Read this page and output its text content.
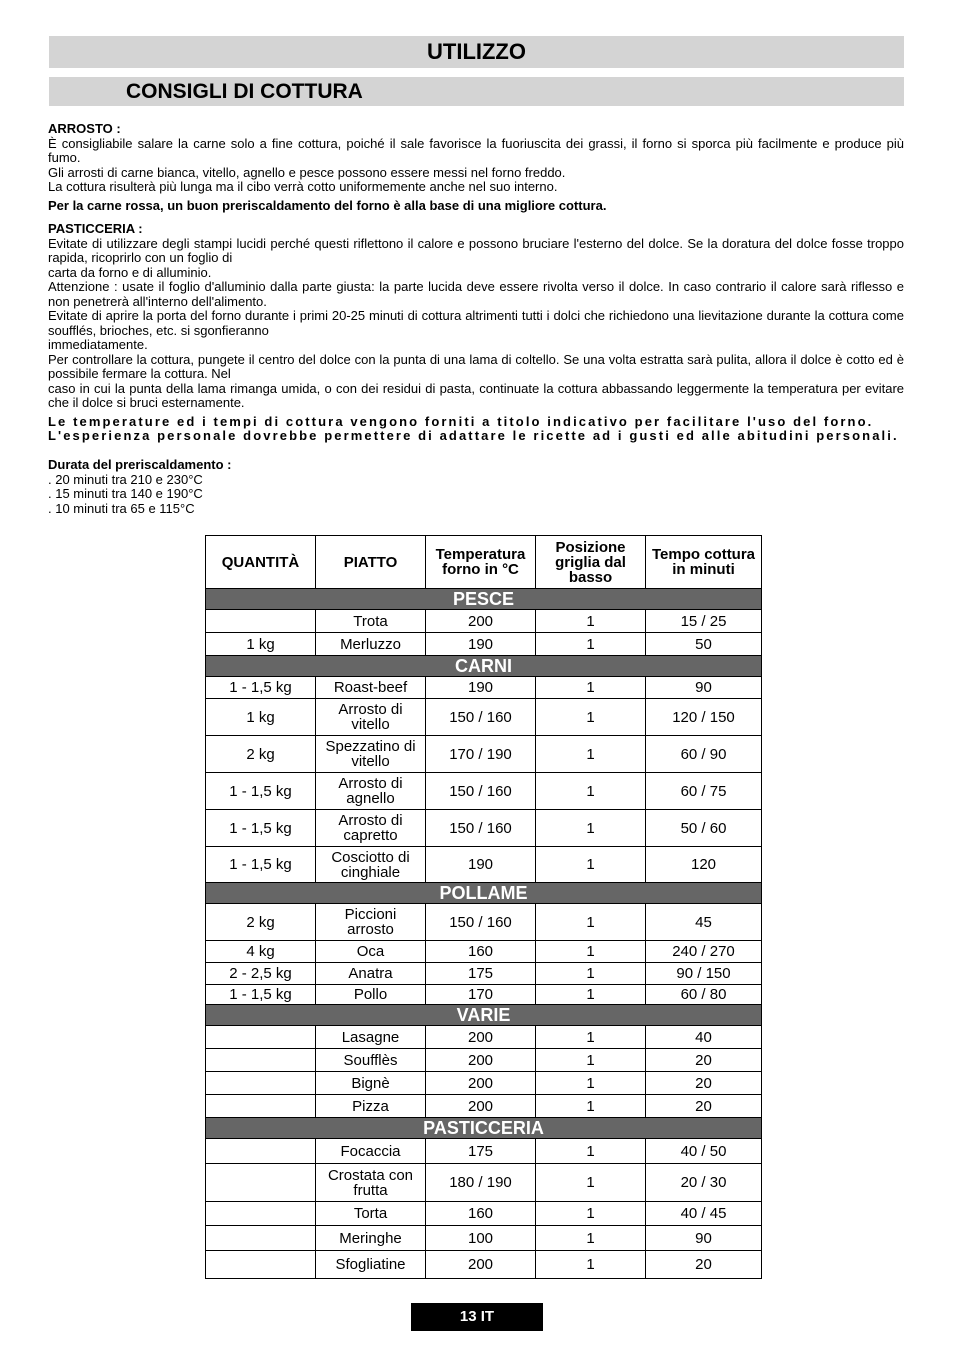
UTILIZZO
CONSIGLI DI COTTURA

ARROSTO :

È consigliabile salare la carne solo a fine cottura, poiché il sale favorisce la fuoriuscita dei grassi, il forno si sporca più facilmente e produce più fumo.

Gli arrosti di carne bianca, vitello, agnello e pesce possono essere messi nel forno freddo.

La cottura risulterà più lunga ma il cibo verrà cotto uniformemente anche nel suo interno.

Per la carne rossa, un buon preriscaldamento del forno è alla base di una migliore cottura.

PASTICCERIA :

Evitate di utilizzare degli stampi lucidi perché questi riflettono il calore e possono bruciare l'esterno del dolce. Se la doratura del dolce fosse troppo rapida, ricoprirlo con un foglio di

carta da forno e di alluminio.

Attenzione : usate il foglio d'alluminio dalla parte giusta: la parte lucida deve essere rivolta verso il dolce. In caso contrario il calore sarà riflesso e non penetrerà all'interno dell'alimento.

Evitate di aprire la porta del forno durante i primi 20-25 minuti di cottura altrimenti tutti i dolci che richiedono una lievitazione durante la cottura come soufflés, brioches, etc. si sgonfieranno

immediatamente.

Per controllare la cottura, pungete il centro del dolce con la punta di una lama di coltello. Se una volta estratta sarà pulita, allora il dolce è cotto ed è possibile fermare la cottura. Nel

caso in cui la punta della lama rimanga umida, o con dei residui di pasta, continuate la cottura abbassando leggermente la temperatura per evitare che il dolce si bruci esternamente.

Le temperature ed i tempi di cottura vengono forniti a titolo indicativo per facilitare l'uso del forno.

L'esperienza personale dovrebbe permettere di adattare le ricette ad i gusti ed alle abitudini personali.

Durata del preriscaldamento :

. 20 minuti tra 210 e 230°C

. 15 minuti tra 140 e 190°C

. 10 minuti tra 65 e 115°C

QUANTITÀ	PIATTO	Temperatura forno in °C	Posizione griglia dal basso	Tempo cottura in minuti
PESCE				
	Trota	200	1	15 / 25
1 kg	Merluzzo	190	1	50
CARNI				
1 - 1,5 kg	Roast-beef	190	1	90
1 kg	Arrosto di vitello	150 / 160	1	120 / 150
2 kg	Spezzatino di vitello	170 / 190	1	60 / 90
1 - 1,5 kg	Arrosto di agnello	150 / 160	1	60 / 75
1 - 1,5 kg	Arrosto di capretto	150 / 160	1	50 / 60
1 - 1,5 kg	Cosciotto di cinghiale	190	1	120
POLLAME				
2 kg	Piccioni arrosto	150 / 160	1	45
4 kg	Oca	160	1	240 / 270
2 - 2,5 kg	Anatra	175	1	90 / 150
1 - 1,5 kg	Pollo	170	1	60 / 80
VARIE				
	Lasagne	200	1	40
	Soufflès	200	1	20
	Bignè	200	1	20
	Pizza	200	1	20
PASTICCERIA				
	Focaccia	175	1	40 / 50
	Crostata con frutta	180 / 190	1	20 / 30
	Torta	160	1	40 / 45
	Meringhe	100	1	90
	Sfogliatine	200	1	20
13 IT
